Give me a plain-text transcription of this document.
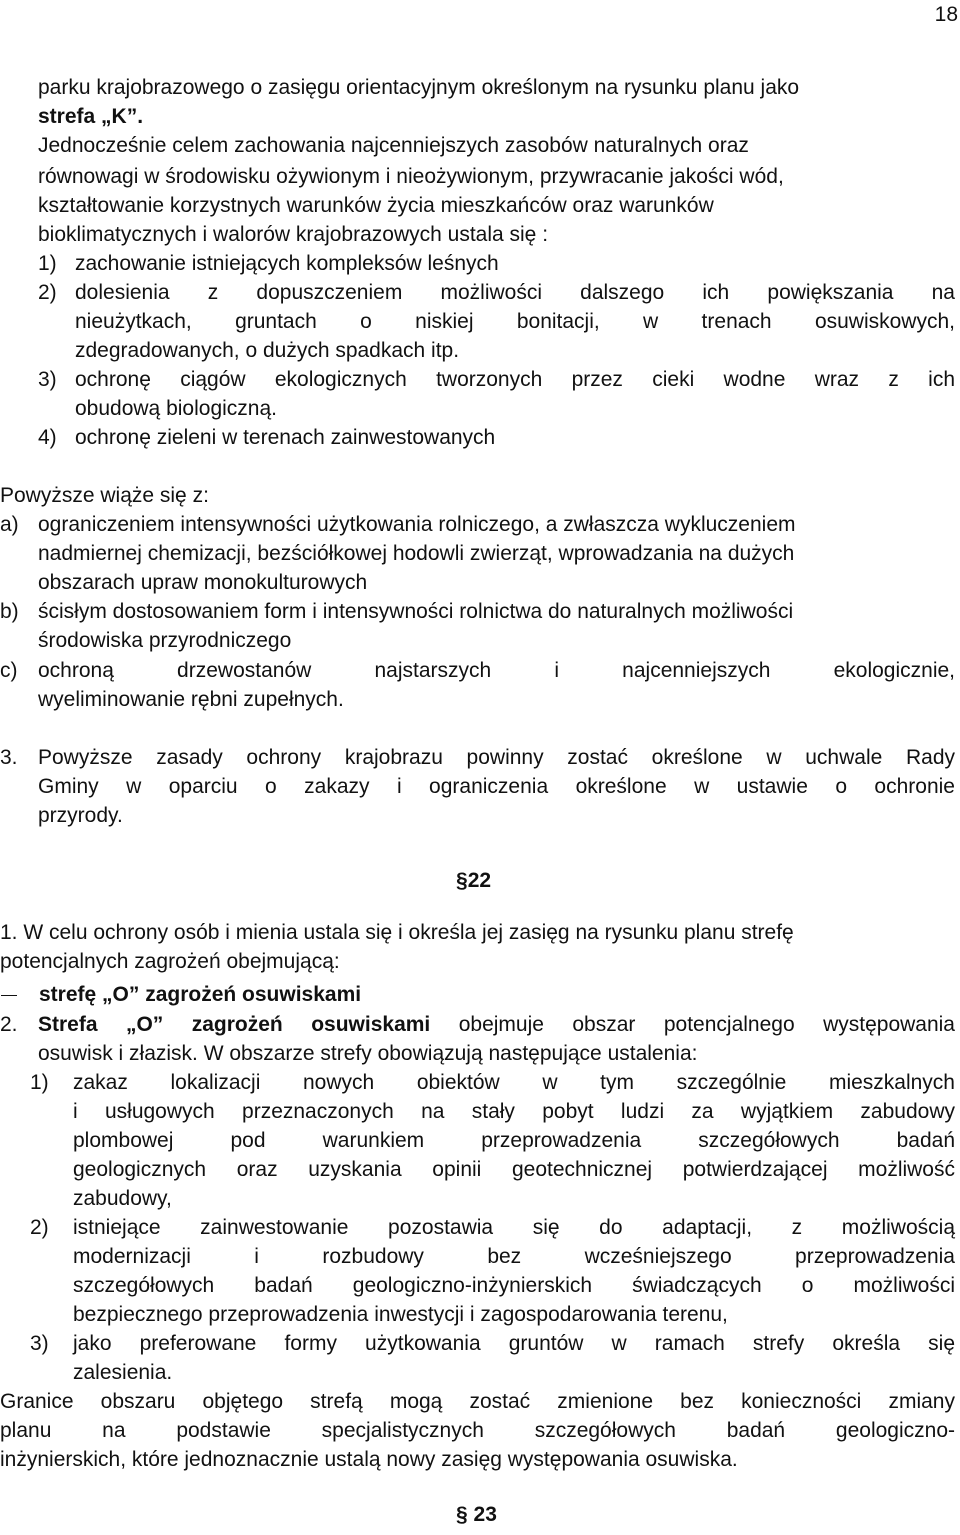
18
parku krajobrazowego o zasięgu orientacyjnym określonym na rysunku planu jako
strefa „K”.
Jednocześnie celem zachowania najcenniejszych zasobów naturalnych oraz
równowagi w środowisku ożywionym i nieożywionym, przywracanie jakości wód,
kształtowanie korzystnych warunków życia mieszkańców oraz warunków
bioklimatycznych i walorów krajobrazowych ustala się :
1) zachowanie istniejących kompleksów leśnych
2) dolesienia z dopuszczeniem możliwości dalszego ich powiększania na
nieużytkach, gruntach o niskiej bonitacji, w trenach osuwiskowych,
zdegradowanych, o dużych spadkach itp.
3) ochronę ciągów ekologicznych tworzonych przez cieki wodne wraz z ich
obudową biologiczną.
4) ochronę zieleni w terenach zainwestowanych
Powyższe wiąże się z:
a) ograniczeniem intensywności użytkowania rolniczego, a zwłaszcza wykluczeniem
nadmiernej chemizacji, bezściółkowej hodowli zwierząt, wprowadzania na dużych
obszarach upraw monokulturowych
b) ścisłym dostosowaniem form i intensywności rolnictwa do naturalnych możliwości
środowiska przyrodniczego
c) ochroną drzewostanów najstarszych i najcenniejszych ekologicznie,
wyeliminowanie rębni zupełnych.
3. Powyższe zasady ochrony krajobrazu powinny zostać określone w uchwale Rady
Gminy w oparciu o zakazy i ograniczenia określone w ustawie o ochronie
przyrody.
§22
1. W celu ochrony osób i mienia ustala się i określa jej zasięg na rysunku planu strefę
potencjalnych zagrożeń obejmującą:
strefę „O” zagrożeń osuwiskami
2. Strefa „O” zagrożeń osuwiskami obejmuje obszar potencjalnego występowania
osuwisk i złazisk. W obszarze strefy obowiązują następujące ustalenia:
1) zakaz lokalizacji nowych obiektów w tym szczególnie mieszkalnych
i usługowych przeznaczonych na stały pobyt ludzi za wyjątkiem zabudowy
plombowej pod warunkiem przeprowadzenia szczegółowych badań
geologicznych oraz uzyskania opinii geotechnicznej potwierdzającej możliwość
zabudowy,
2) istniejące zainwestowanie pozostawia się do adaptacji, z możliwością
modernizacji i rozbudowy bez wcześniejszego przeprowadzenia
szczegółowych badań geologiczno-inżynierskich świadczących o możliwości
bezpiecznego przeprowadzenia inwestycji i zagospodarowania terenu,
3) jako preferowane formy użytkowania gruntów w ramach strefy określa się
zalesienia.
Granice obszaru objętego strefą mogą zostać zmienione bez konieczności zmiany
planu na podstawie specjalistycznych szczegółowych badań geologiczno-
inżynierskich, które jednoznacznie ustalą nowy zasięg występowania osuwiska.
§ 23
